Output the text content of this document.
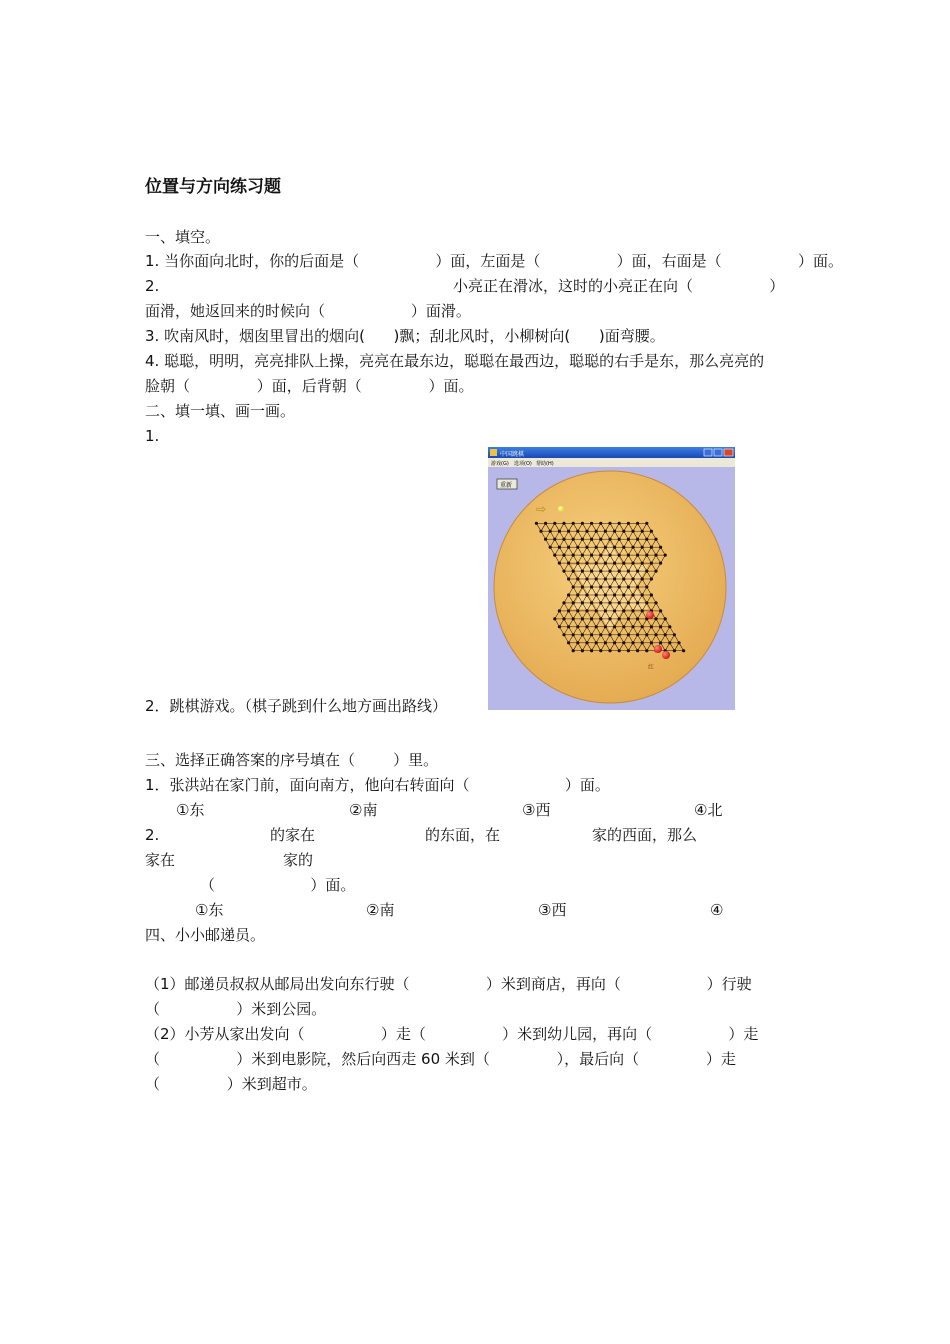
位置与方向练习题
一、填空。
1. 当你面向北时，你的后面是（                ）面，左面是（                ）面，右面是（                ）面。
2.	小亮正在滑冰，这时的小亮正在向（                ）
面滑，她返回来的时候向（                  ）面滑。
3. 吹南风时，烟囱里冒出的烟向(      )飘；刮北风时，小柳树向(      )面弯腰。
4. 聪聪，明明，亮亮排队上操，亮亮在最东边，聪聪在最西边，聪聪的右手是东，那么亮亮的
脸朝（              ）面，后背朝（              ）面。
二、填一填、画一画。
1.
2．跳棋游戏。（棋子跳到什么地方画出路线）
中国跳棋
游戏(G) 选项(O) 帮助(H)
重新
⇨
红
三、选择正确答案的序号填在（        ）里。
1．张洪站在家门前，面向南方，他向右转面向（                    ）面。
①东	②南	③西	④北
2.	的家在	的东面，在	家的西面，那么
家在	家的
（                    ）面。
①东	②南	③西	④
四、小小邮递员。
（1）邮递员叔叔从邮局出发向东行驶（                ）米到商店，再向（                  ）行驶
（                ）米到公园。
（2）小芳从家出发向（                ）走（                ）米到幼儿园，再向（                ）走
（                ）米到电影院，然后向西走 60 米到（              ），最后向（              ）走
（              ）米到超市。
